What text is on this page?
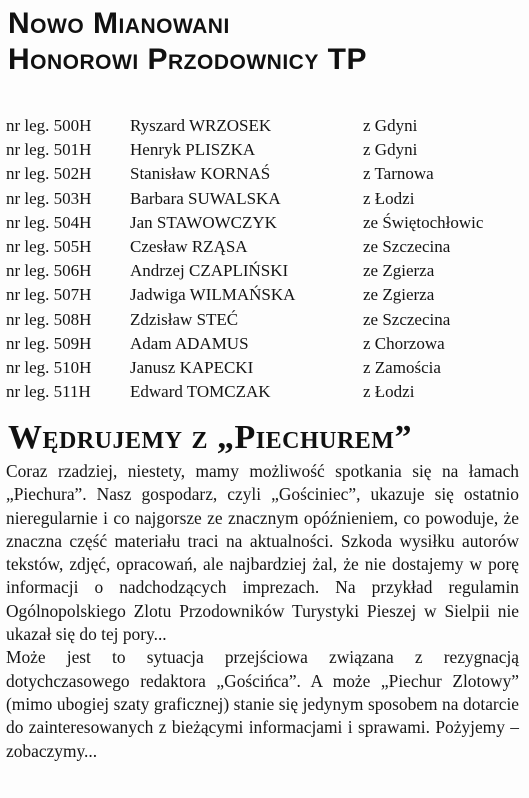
Nowo Mianowani
Honorowi Przodownicy TP
nr leg. 500H	Ryszard WRZOSEK	z Gdyni
nr leg. 501H	Henryk PLISZKA	z Gdyni
nr leg. 502H	Stanisław KORNAŚ	z Tarnowa
nr leg. 503H	Barbara SUWALSKA	z Łodzi
nr leg. 504H	Jan STAWOWCZYK	ze Świętochłowic
nr leg. 505H	Czesław RZĄSA	ze Szczecina
nr leg. 506H	Andrzej CZAPLIŃSKI	ze Zgierza
nr leg. 507H	Jadwiga WILMAŃSKA	ze Zgierza
nr leg. 508H	Zdzisław STEĆ	ze Szczecina
nr leg. 509H	Adam ADAMUS	z Chorzowa
nr leg. 510H	Janusz KAPECKI	z Zamościa
nr leg. 511H	Edward TOMCZAK	z Łodzi
Wędrujemy z „Piechurem”

Coraz rzadziej, niestety, mamy możliwość spotkania się na łamach „Piechura”. Nasz gospodarz, czyli „Gościniec”, ukazuje się ostatnio nieregularnie i co najgorsze ze znacznym opóźnieniem, co powoduje, że znaczna część materiału traci na aktualności. Szkoda wysiłku autorów tekstów, zdjęć, opracowań, ale najbardziej żal, że nie dostajemy w porę informacji o nadchodzących imprezach. Na przykład regulamin Ogólnopolskiego Zlotu Przodowników Turystyki Pieszej w Sielpii nie ukazał się do tej pory...

Może jest to sytuacja przejściowa związana z rezygnacją dotychczasowego redaktora „Gościńca”. A może „Piechur Zlotowy” (mimo ubogiej szaty graficznej) stanie się jedynym sposobem na dotarcie do zainteresowanych z bieżącymi informacjami i sprawami. Pożyjemy – zobaczymy...
